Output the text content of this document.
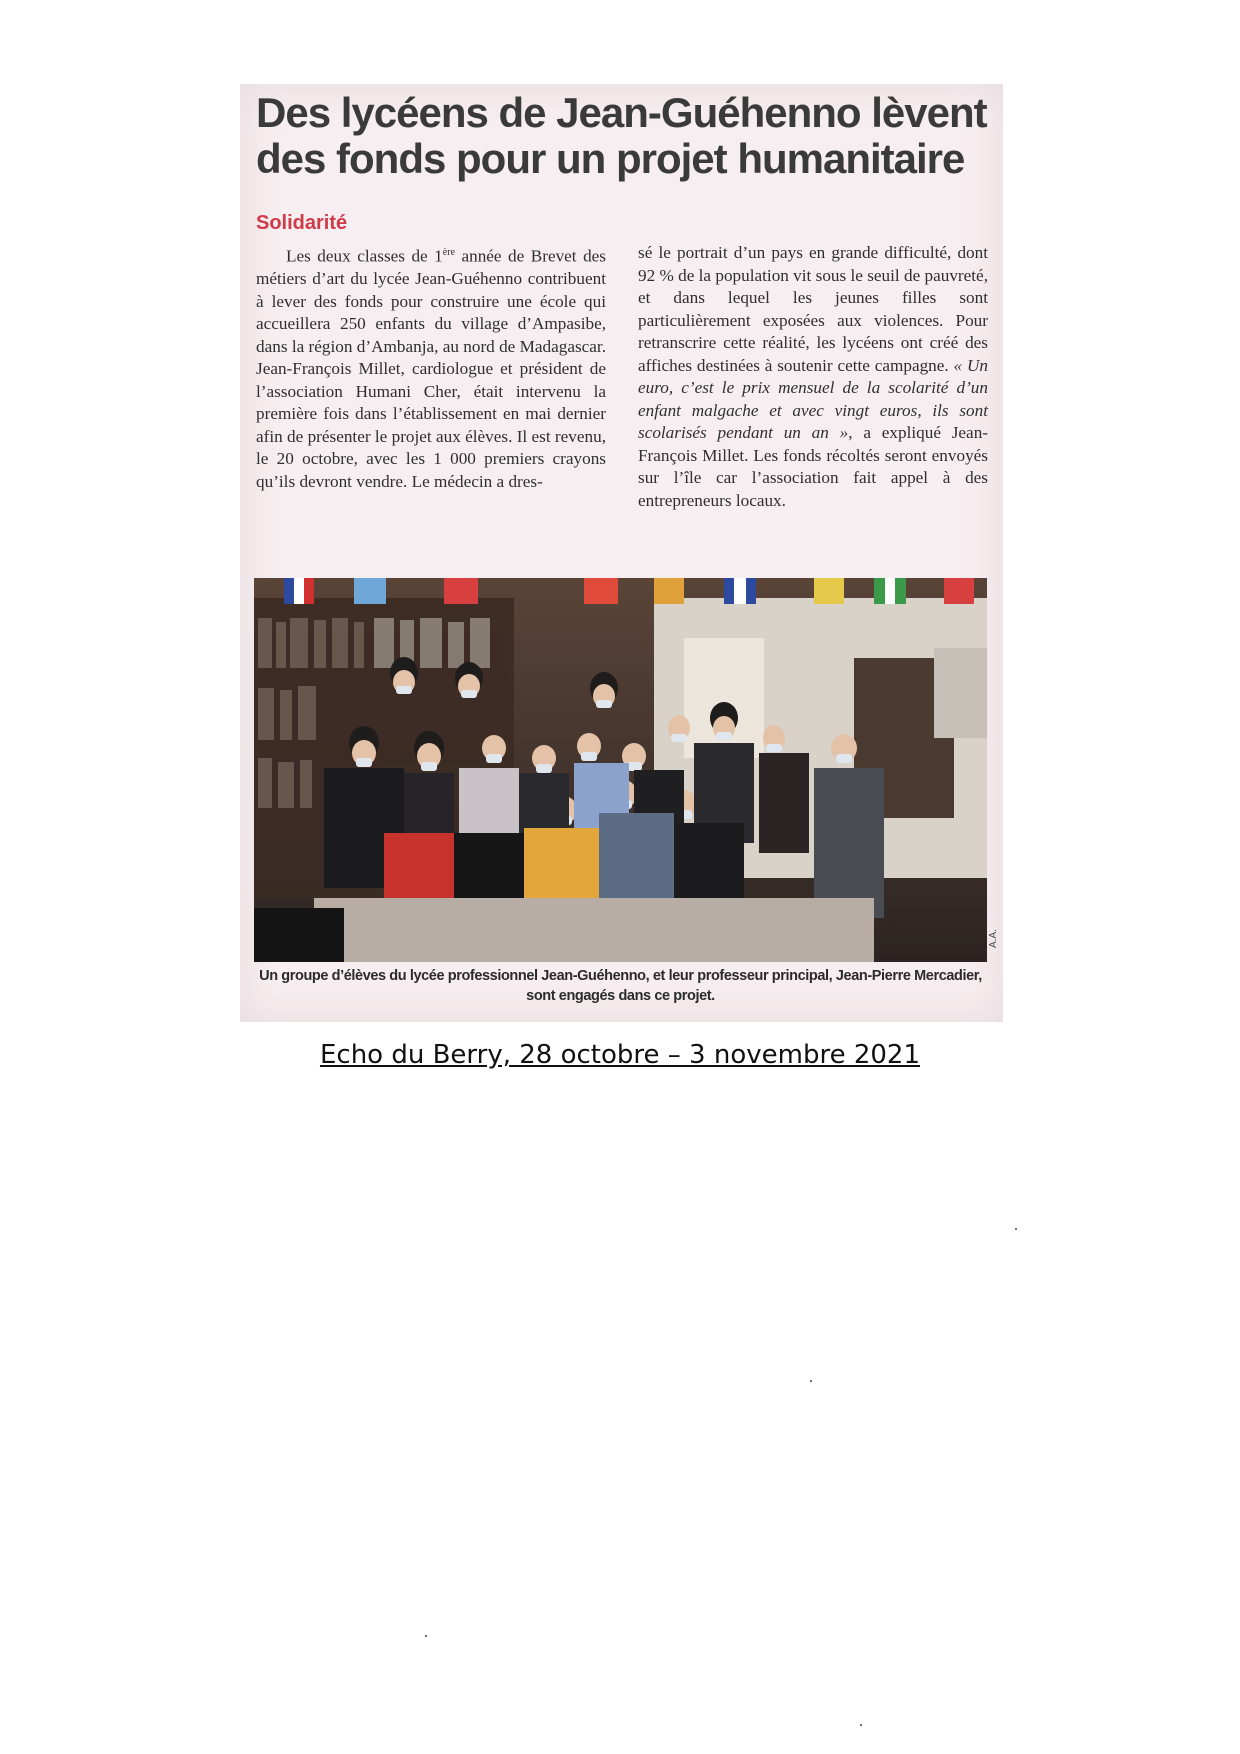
Des lycéens de Jean-Guéhenno lèvent des fonds pour un projet humanitaire
Solidarité

Les deux classes de 1ère année de Brevet des métiers d’art du lycée Jean-Guéhenno contribuent à lever des fonds pour construire une école qui accueillera 250 enfants du village d’Ampasibe, dans la région d’Ambanja, au nord de Madagascar. Jean-François Millet, cardiologue et président de l’association Humani Cher, était intervenu la première fois dans l’établissement en mai dernier afin de présenter le projet aux élèves. Il est revenu, le 20 octobre, avec les 1 000 premiers crayons qu’ils devront vendre. Le médecin a dres-

sé le portrait d’un pays en grande difficulté, dont 92 % de la population vit sous le seuil de pauvreté, et dans lequel les jeunes filles sont particulièrement exposées aux violences. Pour retranscrire cette réalité, les lycéens ont créé des affiches destinées à soutenir cette campagne. « Un euro, c’est le prix mensuel de la scolarité d’un enfant malgache et avec vingt euros, ils sont scolarisés pendant un an », a expliqué Jean-François Millet. Les fonds récoltés seront envoyés sur l’île car l’association fait appel à des entrepreneurs locaux.

A.A.

Un groupe d’élèves du lycée professionnel Jean-Guéhenno, et leur professeur principal, Jean-Pierre Mercadier, sont engagés dans ce projet.

Echo du Berry, 28 octobre – 3 novembre 2021
